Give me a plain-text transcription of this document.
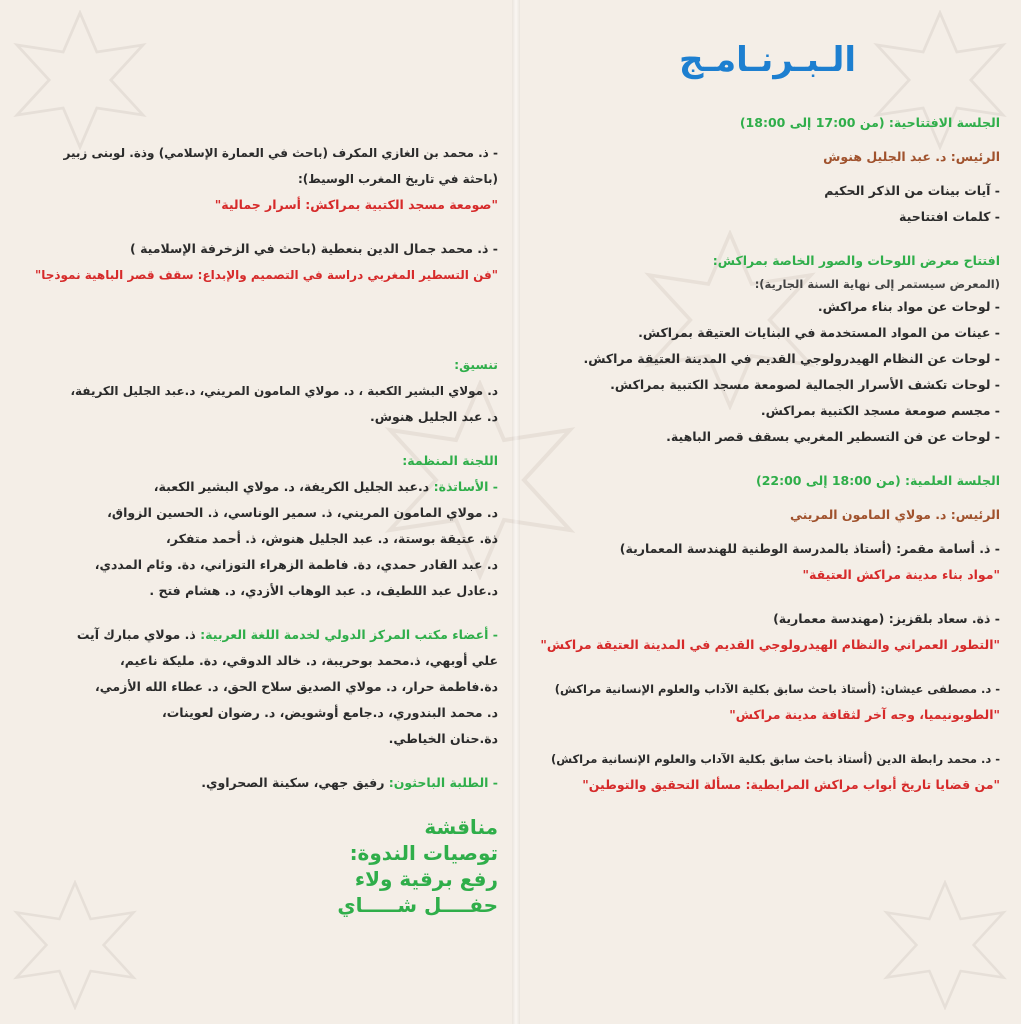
الـبـرنـامـج
الجلسة الافتتاحية: (من 17:00 إلى 18:00)
الرئيس: د. عبد الجليل هنوش
- آيات بينات من الذكر الحكيم
- كلمات افتتاحية
افتتاح معرض اللوحات والصور الخاصة بمراكش:
(المعرض سيستمر إلى نهاية السنة الجارية):
- لوحات عن مواد بناء مراكش.
- عينات من المواد المستخدمة في البنايات العتيقة بمراكش.
- لوحات عن النظام الهيدرولوجي القديم في المدينة العتيقة مراكش.
- لوحات تكشف الأسرار الجمالية لصومعة مسجد الكتبية بمراكش.
- مجسم صومعة مسجد الكتبية بمراكش.
- لوحات عن فن التسطير المغربي بسقف قصر الباهية.
الجلسة العلمية: (من 18:00 إلى 22:00)
الرئيس: د. مولاي المامون المريني
- ذ. أسامة مقمر: (أستاذ بالمدرسة الوطنية للهندسة المعمارية)
"مواد بناء مدينة مراكش العتيقة"
- ذة. سعاد بلقزيز: (مهندسة معمارية)
"التطور العمراني والنظام الهيدرولوجي القديم في المدينة العتيقة مراكش"
- د. مصطفى عيشان: (أستاذ باحث سابق بكلية الآداب والعلوم الإنسانية مراكش)
"الطوبونيميا، وجه آخر لثقافة مدينة مراكش"
- د. محمد رابطة الدين (أستاذ باحث سابق بكلية الآداب والعلوم الإنسانية مراكش)
"من قضايا تاريخ أبواب مراكش المرابطية: مسألة التحقيق والتوطين"
- ذ. محمد بن الغازي المكرف (باحث في العمارة الإسلامي) وذة. لوبنى زبير
(باحثة في تاريخ المغرب الوسيط):
"صومعة مسجد الكتبية بمراكش: أسرار جمالية"
- ذ. محمد جمال الدين بنعطية (باحث في الزخرفة الإسلامية )
"فن التسطير المغربي دراسة في التصميم والإبداع: سقف قصر الباهية نموذجا"
تنسيق:
د. مولاي البشير الكعبة ، د. مولاي المامون المريني، د.عبد الجليل الكريفة،
د. عبد الجليل هنوش.
اللجنة المنظمة:
- الأساتذة: د.عبد الجليل الكريفة، د. مولاي البشير الكعبة،
د. مولاي المامون المريني، ذ. سمير الوناسي، ذ. الحسين الزواق،
ذة. عتيقة بوستة، د. عبد الجليل هنوش، ذ. أحمد متفكر،
د. عبد القادر حمدي، دة. فاطمة الزهراء التوزاني، دة. وئام المددي،
د.عادل عبد اللطيف، د. عبد الوهاب الأزدي، د. هشام فتح .
- أعضاء مكتب المركز الدولي لخدمة اللغة العربية: ذ. مولاي مبارك آيت
علي أوبهي، ذ.محمد بوحريبة، د. خالد الدوقي، دة. مليكة ناعيم،
دة.فاطمة حرار، د. مولاي الصديق سلاح الحق، د. عطاء الله الأزمي،
د. محمد البندوري، د.جامع أوشويض، د. رضوان لعوينات،
دة.حنان الخياطي.
- الطلبة الباحثون: رفيق جهي، سكينة الصحراوي.
مناقشة
توصيات الندوة:
رفع برقية ولاء
حفــــل شـــــاي
